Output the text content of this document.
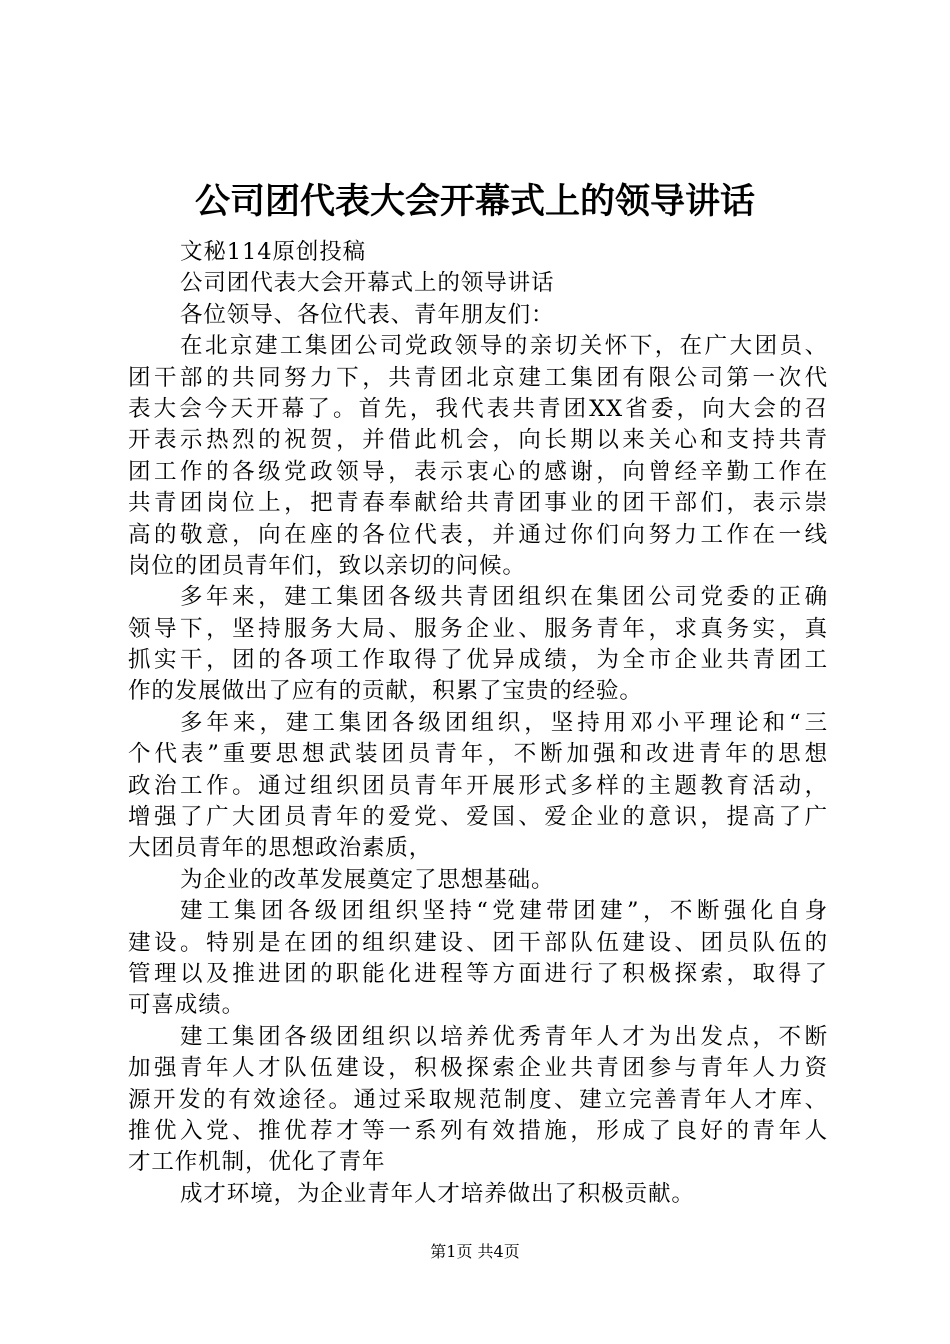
公司团代表大会开幕式上的领导讲话
文秘114原创投稿
公司团代表大会开幕式上的领导讲话
各位领导、各位代表、青年朋友们：
在北京建工集团公司党政领导的亲切关怀下，在广大团员、
团干部的共同努力下，共青团北京建工集团有限公司第一次代
表大会今天开幕了。首先，我代表共青团XX省委，向大会的召
开表示热烈的祝贺，并借此机会，向长期以来关心和支持共青
团工作的各级党政领导，表示衷心的感谢，向曾经辛勤工作在
共青团岗位上，把青春奉献给共青团事业的团干部们，表示崇
高的敬意，向在座的各位代表，并通过你们向努力工作在一线
岗位的团员青年们，致以亲切的问候。
多年来，建工集团各级共青团组织在集团公司党委的正确
领导下，坚持服务大局、服务企业、服务青年，求真务实，真
抓实干，团的各项工作取得了优异成绩，为全市企业共青团工
作的发展做出了应有的贡献，积累了宝贵的经验。
多年来，建工集团各级团组织，坚持用邓小平理论和“三
个代表”重要思想武装团员青年，不断加强和改进青年的思想
政治工作。通过组织团员青年开展形式多样的主题教育活动，
增强了广大团员青年的爱党、爱国、爱企业的意识，提高了广
大团员青年的思想政治素质，
为企业的改革发展奠定了思想基础。
建工集团各级团组织坚持“党建带团建”，不断强化自身
建设。特别是在团的组织建设、团干部队伍建设、团员队伍的
管理以及推进团的职能化进程等方面进行了积极探索，取得了
可喜成绩。
建工集团各级团组织以培养优秀青年人才为出发点，不断
加强青年人才队伍建设，积极探索企业共青团参与青年人力资
源开发的有效途径。通过采取规范制度、建立完善青年人才库、
推优入党、推优荐才等一系列有效措施，形成了良好的青年人
才工作机制，优化了青年
成才环境，为企业青年人才培养做出了积极贡献。
第1页 共4页
